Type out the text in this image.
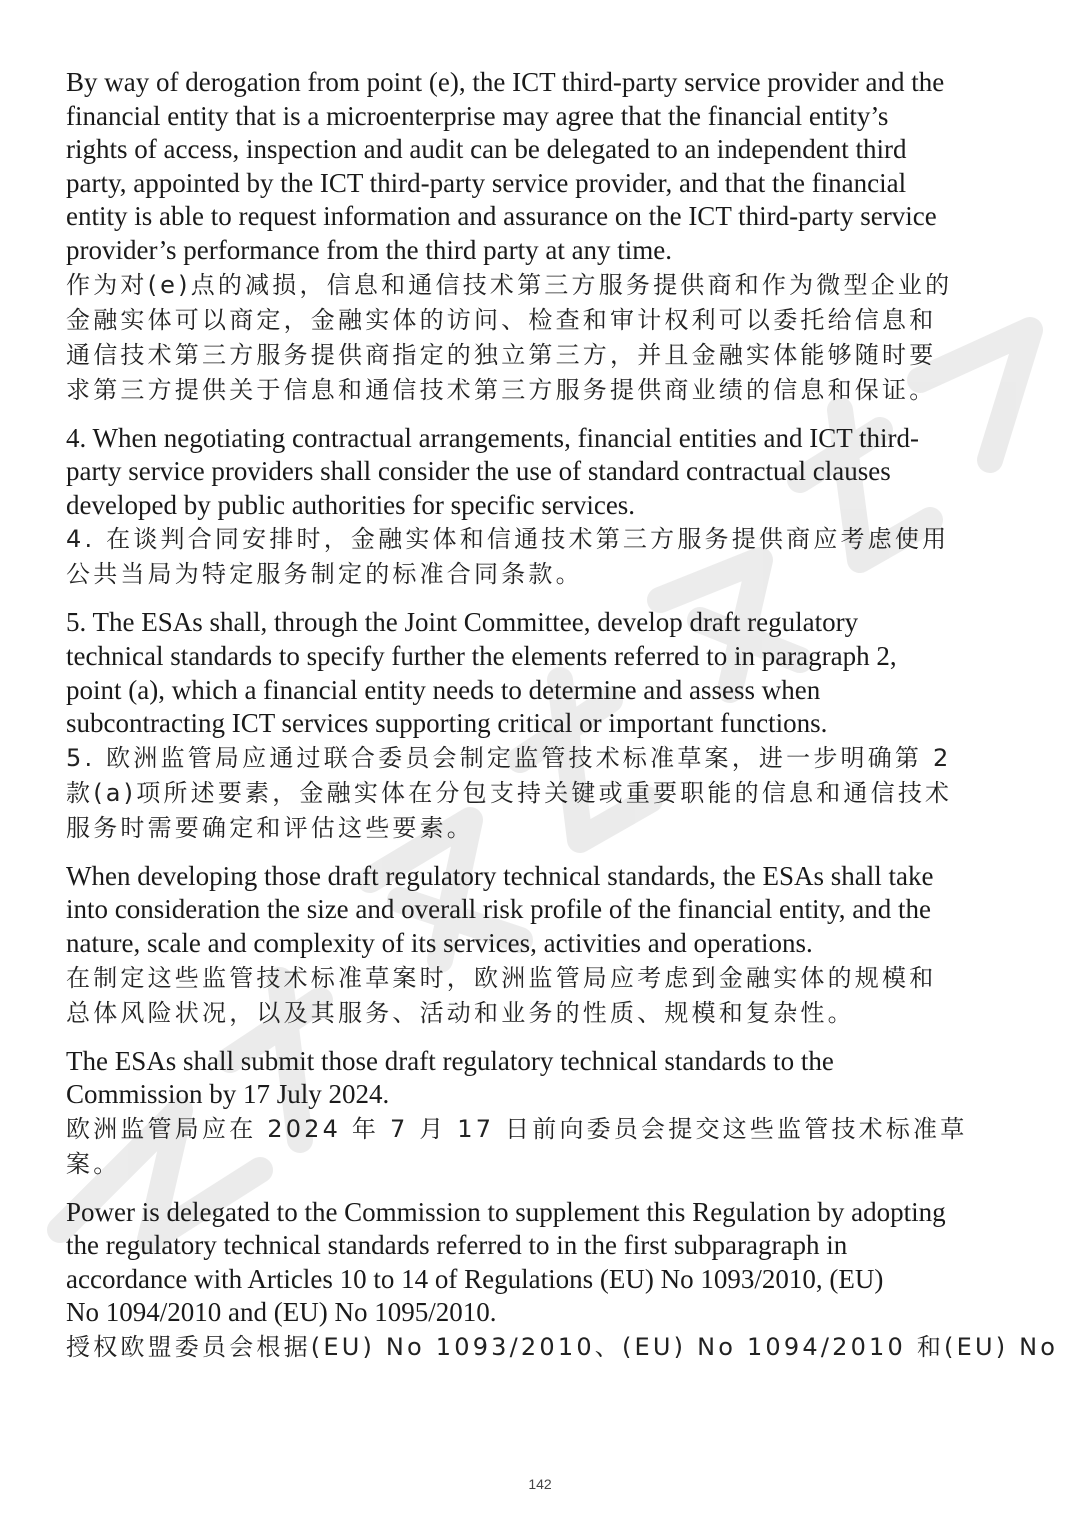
By way of derogation from point (e), the ICT third-party service provider and the
financial entity that is a microenterprise may agree that the financial entity’s
rights of access, inspection and audit can be delegated to an independent third
party, appointed by the ICT third-party service provider, and that the financial
entity is able to request information and assurance on the ICT third-party service
provider’s performance from the third party at any time.

作为对(e)点的减损，信息和通信技术第三方服务提供商和作为微型企业的
金融实体可以商定，金融实体的访问、检查和审计权利可以委托给信息和
通信技术第三方服务提供商指定的独立第三方，并且金融实体能够随时要
求第三方提供关于信息和通信技术第三方服务提供商业绩的信息和保证。

4. When negotiating contractual arrangements, financial entities and ICT third-
party service providers shall consider the use of standard contractual clauses
developed by public authorities for specific services.

4. 在谈判合同安排时，金融实体和信通技术第三方服务提供商应考虑使用
公共当局为特定服务制定的标准合同条款。

5. The ESAs shall, through the Joint Committee, develop draft regulatory
technical standards to specify further the elements referred to in paragraph 2,
point (a), which a financial entity needs to determine and assess when
subcontracting ICT services supporting critical or important functions.

5. 欧洲监管局应通过联合委员会制定监管技术标准草案，进一步明确第 2
款(a)项所述要素，金融实体在分包支持关键或重要职能的信息和通信技术
服务时需要确定和评估这些要素。

When developing those draft regulatory technical standards, the ESAs shall take
into consideration the size and overall risk profile of the financial entity, and the
nature, scale and complexity of its services, activities and operations.

在制定这些监管技术标准草案时，欧洲监管局应考虑到金融实体的规模和
总体风险状况，以及其服务、活动和业务的性质、规模和复杂性。

The ESAs shall submit those draft regulatory technical standards to the
Commission by 17 July 2024.

欧洲监管局应在 2024 年 7 月 17 日前向委员会提交这些监管技术标准草
案。

Power is delegated to the Commission to supplement this Regulation by adopting
the regulatory technical standards referred to in the first subparagraph in
accordance with Articles 10 to 14 of Regulations (EU) No 1093/2010, (EU)
No 1094/2010 and (EU) No 1095/2010.

授权欧盟委员会根据(EU) No 1093/2010、(EU) No 1094/2010 和(EU) No

142
